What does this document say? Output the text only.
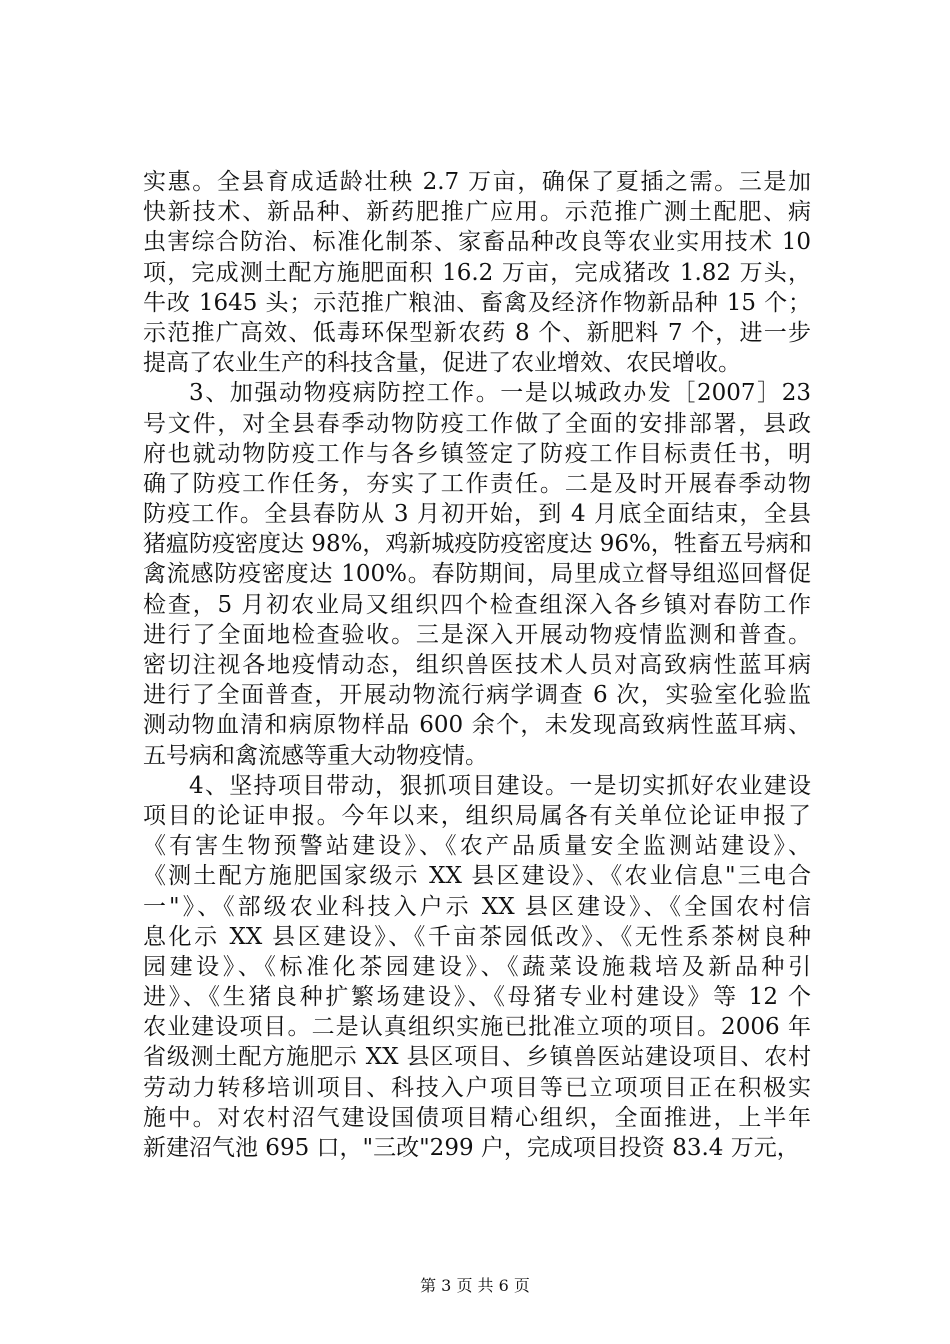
实惠。全县育成适龄壮秧 2.7 万亩，确保了夏插之需。三是加
快新技术、新品种、新药肥推广应用。示范推广测土配肥、病
虫害综合防治、标准化制茶、家畜品种改良等农业实用技术 10
项，完成测土配方施肥面积 16.2 万亩，完成猪改 1.82 万头，
牛改 1645 头；示范推广粮油、畜禽及经济作物新品种 15 个；
示范推广高效、低毒环保型新农药 8 个、新肥料 7 个，进一步
提高了农业生产的科技含量，促进了农业增效、农民增收。
3、加强动物疫病防控工作。一是以城政办发［2007］23
号文件，对全县春季动物防疫工作做了全面的安排部署，县政
府也就动物防疫工作与各乡镇签定了防疫工作目标责任书，明
确了防疫工作任务，夯实了工作责任。二是及时开展春季动物
防疫工作。全县春防从 3 月初开始，到 4 月底全面结束，全县
猪瘟防疫密度达 98%，鸡新城疫防疫密度达 96%，牲畜五号病和
禽流感防疫密度达 100%。春防期间，局里成立督导组巡回督促
检查，5 月初农业局又组织四个检查组深入各乡镇对春防工作
进行了全面地检查验收。三是深入开展动物疫情监测和普查。
密切注视各地疫情动态，组织兽医技术人员对高致病性蓝耳病
进行了全面普查，开展动物流行病学调查 6 次，实验室化验监
测动物血清和病原物样品 600 余个，未发现高致病性蓝耳病、
五号病和禽流感等重大动物疫情。
4、坚持项目带动，狠抓项目建设。一是切实抓好农业建设
项目的论证申报。今年以来，组织局属各有关单位论证申报了
《有害生物预警站建设》、《农产品质量安全监测站建设》、
《测土配方施肥国家级示 XX 县区建设》、《农业信息"三电合
一"》、《部级农业科技入户示 XX 县区建设》、《全国农村信
息化示 XX 县区建设》、《千亩茶园低改》、《无性系茶树良种
园建设》、《标准化茶园建设》、《蔬菜设施栽培及新品种引
进》、《生猪良种扩繁场建设》、《母猪专业村建设》等 12 个
农业建设项目。二是认真组织实施已批准立项的项目。2006 年
省级测土配方施肥示 XX 县区项目、乡镇兽医站建设项目、农村
劳动力转移培训项目、科技入户项目等已立项项目正在积极实
施中。对农村沼气建设国债项目精心组织，全面推进，上半年
新建沼气池 695 口，"三改"299 户，完成项目投资 83.4 万元，
第 3 页 共 6 页
